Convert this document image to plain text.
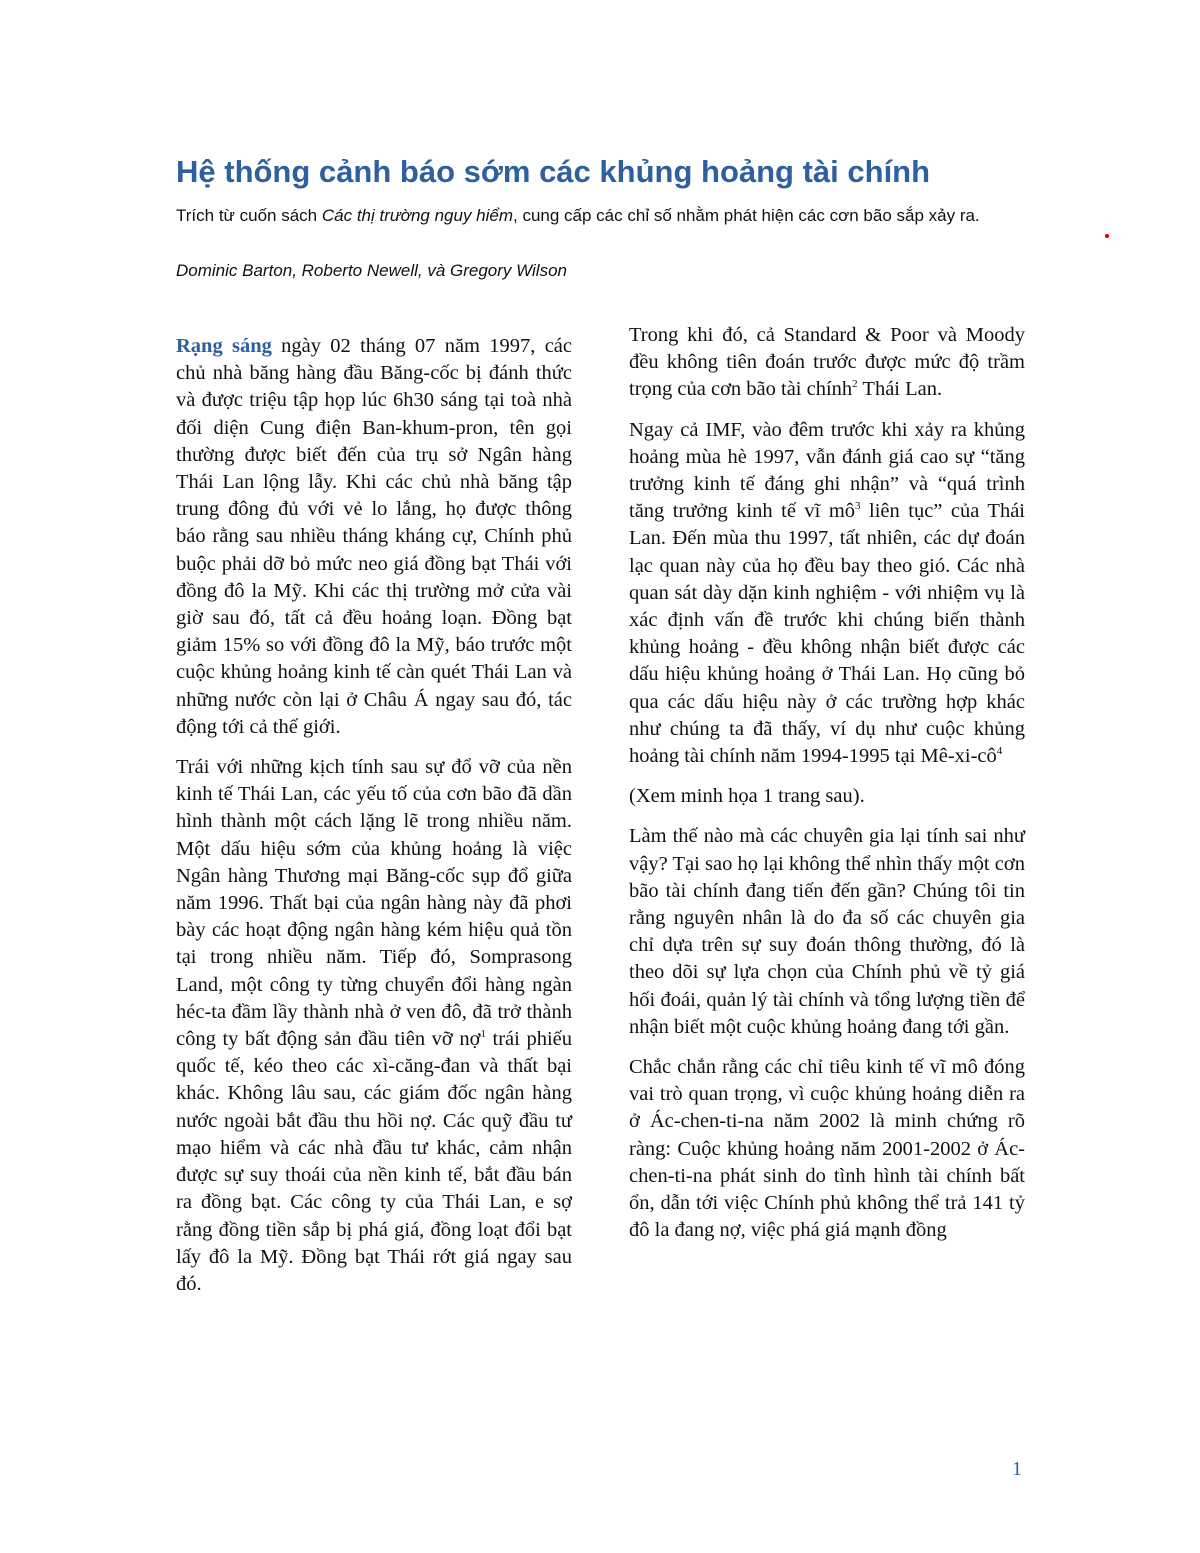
Hệ thống cảnh báo sớm các khủng hoảng tài chính

Trích từ cuốn sách Các thị trường nguy hiểm, cung cấp các chỉ số nhằm phát hiện các cơn bão sắp xảy ra.

Dominic Barton, Roberto Newell, và Gregory Wilson

Rạng sáng ngày 02 tháng 07 năm 1997, các chủ nhà băng hàng đầu Băng-cốc bị đánh thức và được triệu tập họp lúc 6h30 sáng tại toà nhà đối diện Cung điện Ban-khum-pron, tên gọi thường được biết đến của trụ sở Ngân hàng Thái Lan lộng lẫy. Khi các chủ nhà băng tập trung đông đủ với vẻ lo lắng, họ được thông báo rằng sau nhiều tháng kháng cự, Chính phủ buộc phải dỡ bỏ mức neo giá đồng bạt Thái với đồng đô la Mỹ. Khi các thị trường mở cửa vài giờ sau đó, tất cả đều hoảng loạn. Đồng bạt giảm 15% so với đồng đô la Mỹ, báo trước một cuộc khủng hoảng kinh tế càn quét Thái Lan và những nước còn lại ở Châu Á ngay sau đó, tác động tới cả thế giới.

Trái với những kịch tính sau sự đổ vỡ của nền kinh tế Thái Lan, các yếu tố của cơn bão đã dần hình thành một cách lặng lẽ trong nhiều năm. Một dấu hiệu sớm của khủng hoảng là việc Ngân hàng Thương mại Băng-cốc sụp đổ giữa năm 1996. Thất bại của ngân hàng này đã phơi bày các hoạt động ngân hàng kém hiệu quả tồn tại trong nhiều năm. Tiếp đó, Somprasong Land, một công ty từng chuyển đổi hàng ngàn héc-ta đầm lầy thành nhà ở ven đô, đã trở thành công ty bất động sản đầu tiên vỡ nợ$^1$ trái phiếu quốc tế, kéo theo các xì-căng-đan và thất bại khác. Không lâu sau, các giám đốc ngân hàng nước ngoài bắt đầu thu hồi nợ. Các quỹ đầu tư mạo hiểm và các nhà đầu tư khác, cảm nhận được sự suy thoái của nền kinh tế, bắt đầu bán ra đồng bạt. Các công ty của Thái Lan, e sợ rằng đồng tiền sắp bị phá giá, đồng loạt đổi bạt lấy đô la Mỹ. Đồng bạt Thái rớt giá ngay sau đó.

Trong khi đó, cả Standard & Poor và Moody đều không tiên đoán trước được mức độ trầm trọng của cơn bão tài chính$^2$ Thái Lan.

Ngay cả IMF, vào đêm trước khi xảy ra khủng hoảng mùa hè 1997, vẫn đánh giá cao sự “tăng trưởng kinh tế đáng ghi nhận” và “quá trình tăng trưởng kinh tế vĩ $mô^3$ liên tục” của Thái Lan. Đến mùa thu 1997, tất nhiên, các dự đoán lạc quan này của họ đều bay theo gió. Các nhà quan sát dày dặn kinh nghiệm - với nhiệm vụ là xác định vấn đề trước khi chúng biến thành khủng hoảng - đều không nhận biết được các dấu hiệu khủng hoảng ở Thái Lan. Họ cũng bỏ qua các dấu hiệu này ở các trường hợp khác như chúng ta đã thấy, ví dụ như cuộc khủng hoảng tài chính năm 1994-1995 tại $Mê-xi-cô^4$

(Xem minh họa 1 trang sau).

Làm thế nào mà các chuyên gia lại tính sai như vậy? Tại sao họ lại không thể nhìn thấy một cơn bão tài chính đang tiến đến gần? Chúng tôi tin rằng nguyên nhân là do đa số các chuyên gia chỉ dựa trên sự suy đoán thông thường, đó là theo dõi sự lựa chọn của Chính phủ về tỷ giá hối đoái, quản lý tài chính và tổng lượng tiền để nhận biết một cuộc khủng hoảng đang tới gần.

Chắc chắn rằng các chỉ tiêu kinh tế vĩ mô đóng vai trò quan trọng, vì cuộc khủng hoảng diễn ra ở Ác-chen-ti-na năm 2002 là minh chứng rõ ràng: Cuộc khủng hoảng năm 2001-2002 ở Ác-chen-ti-na phát sinh do tình hình tài chính bất ổn, dẫn tới việc Chính phủ không thể trả 141 tỷ đô la đang nợ, việc phá giá mạnh đồng

1
